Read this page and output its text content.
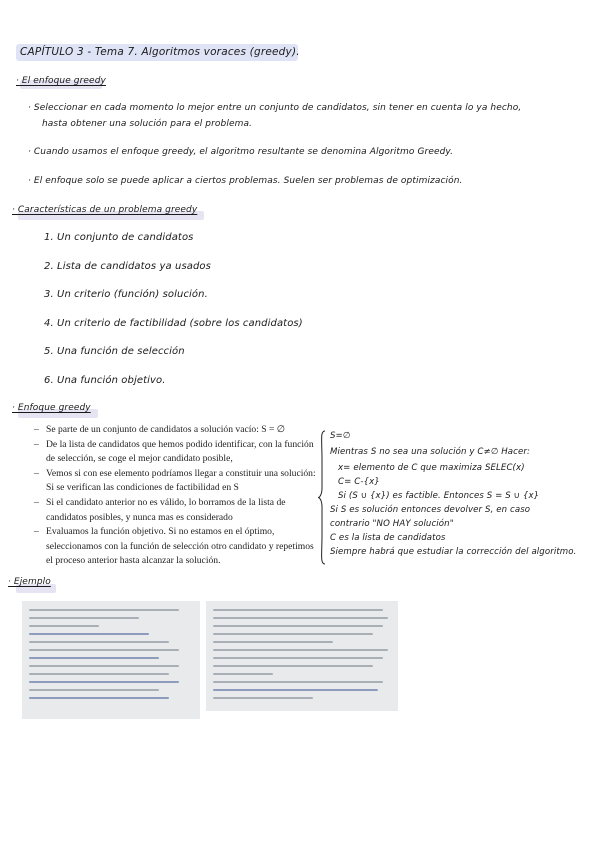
CAPÍTULO 3 - Tema 7. Algoritmos voraces (greedy).
· El enfoque greedy
· Seleccionar en cada momento lo mejor entre un conjunto de candidatos, sin tener en cuenta lo ya hecho,
hasta obtener una solución para el problema.
· Cuando usamos el enfoque greedy, el algoritmo resultante se denomina Algoritmo Greedy.
· El enfoque solo se puede aplicar a ciertos problemas. Suelen ser problemas de optimización.
· Características de un problema greedy
1. Un conjunto de candidatos
2. Lista de candidatos ya usados
3. Un criterio (función) solución.
4. Un criterio de factibilidad (sobre los candidatos)
5. Una función de selección
6. Una función objetivo.
· Enfoque greedy
– Se parte de un conjunto de candidatos a solución vacío: S = ∅
– De la lista de candidatos que hemos podido identificar, con la función de selección, se coge el mejor candidato posible,
– Vemos si con ese elemento podríamos llegar a constituir una solución: Si se verifican las condiciones de factibilidad en S
– Si el candidato anterior no es válido, lo borramos de la lista de candidatos posibles, y nunca mas es considerado
– Evaluamos la función objetivo. Si no estamos en el óptimo, seleccionamos con la función de selección otro candidato y repetimos el proceso anterior hasta alcanzar la solución.
S=∅
Mientras S no sea una solución y C≠∅ Hacer:
x= elemento de C que maximiza SELEC(x)
C= C-{x}
Si (S ∪ {x}) es factible. Entonces S = S ∪ {x}
Si S es solución entonces devolver S, en caso
contrario "NO HAY solución"
C es la lista de candidatos
Siempre habrá que estudiar la corrección del algoritmo.
· Ejemplo
